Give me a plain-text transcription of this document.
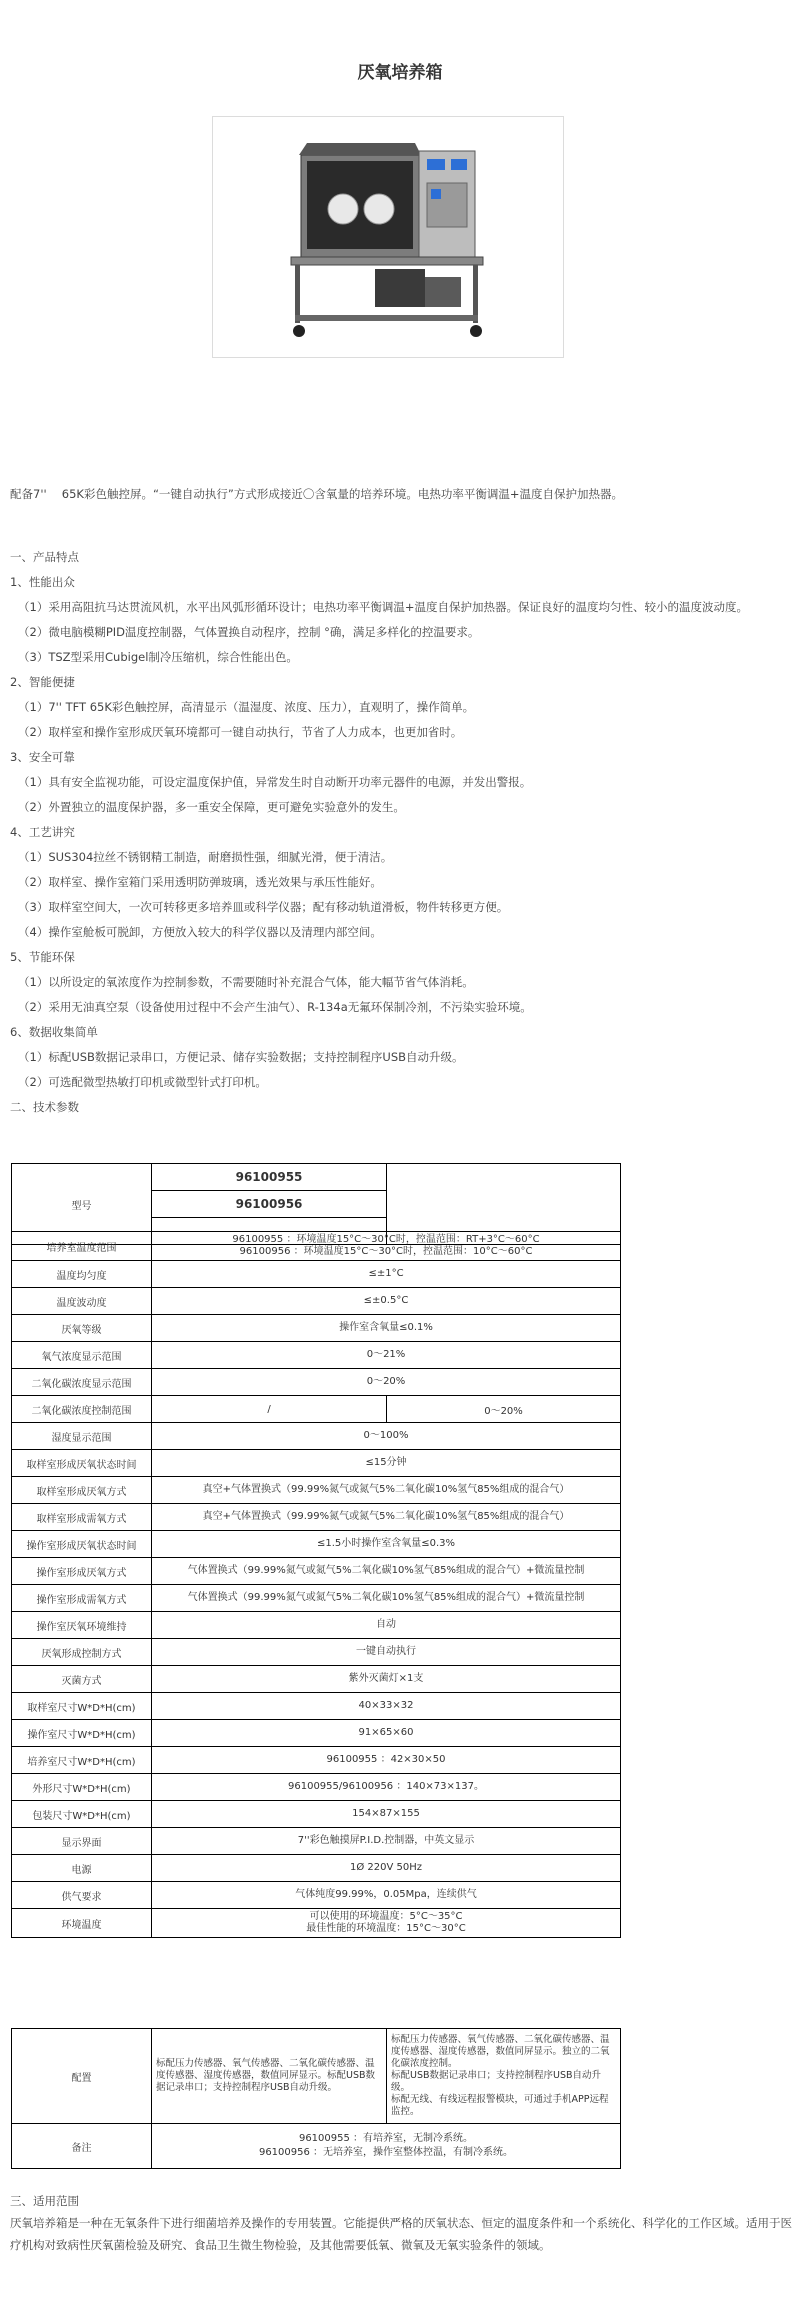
厌氧培养箱
配备7''　 65K彩色触控屏。“一键自动执行”方式形成接近〇含氧量的培养环境。电热功率平衡调温+温度自保护加热器。
一、产品特点
1、性能出众
（1）采用高阻抗马达贯流风机，水平出风弧形循环设计；电热功率平衡调温+温度自保护加热器。保证良好的温度均匀性、较小的温度波动度。
（2）微电脑模糊PID温度控制器，气体置换自动程序，控制 °确，满足多样化的控温要求。
（3）TSZ型采用Cubigel制冷压缩机，综合性能出色。
2、智能便捷
（1）7'' TFT 65K彩色触控屏，高清显示（温湿度、浓度、压力），直观明了，操作简单。
（2）取样室和操作室形成厌氧环境都可一键自动执行，节省了人力成本，也更加省时。
3、安全可靠
（1）具有安全监视功能，可设定温度保护值，异常发生时自动断开功率元器件的电源，并发出警报。
（2）外置独立的温度保护器，多一重安全保障，更可避免实验意外的发生。
4、工艺讲究
（1）SUS304拉丝不锈钢精工制造，耐磨损性强，细腻光滑，便于清洁。
（2）取样室、操作室箱门采用透明防弹玻璃，透光效果与承压性能好。
（3）取样室空间大，一次可转移更多培养皿或科学仪器；配有移动轨道滑板，物件转移更方便。
（4）操作室舱板可脱卸，方便放入较大的科学仪器以及清理内部空间。
5、节能环保
（1）以所设定的氧浓度作为控制参数，不需要随时补充混合气体，能大幅节省气体消耗。
（2）采用无油真空泵（设备使用过程中不会产生油气）、R-134a无氟环保制冷剂，不污染实验环境。
6、数据收集简单
（1）标配USB数据记录串口，方便记录、储存实验数据；支持控制程序USB自动升级。
（2）可选配微型热敏打印机或微型针式打印机。
二、技术参数
型号	96100955	
96100956

培养室温度范围	96100955 ：环境温度15°C～30°C时，控温范围：RT+3°C～60°C
96100956 ：环境温度15°C～30°C时，控温范围：10°C～60°C	
温度均匀度	≤±1°C	
温度波动度	≤±0.5°C	
厌氧等级	操作室含氧量≤0.1%	
氧气浓度显示范围	0～21%	
二氧化碳浓度显示范围	0～20%	
二氧化碳浓度控制范围	/	0～20%
湿度显示范围	0～100%	
取样室形成厌氧状态时间	≤15分钟	
取样室形成厌氧方式	真空+气体置换式（99.99%氮气或氮气5%二氧化碳10%氢气85%组成的混合气）	
取样室形成需氧方式	真空+气体置换式（99.99%氮气或氮气5%二氧化碳10%氢气85%组成的混合气）	
操作室形成厌氧状态时间	≤1.5小时操作室含氧量≤0.3%	
操作室形成厌氧方式	气体置换式（99.99%氮气或氮气5%二氧化碳10%氢气85%组成的混合气）+微流量控制	
操作室形成需氧方式	气体置换式（99.99%氮气或氮气5%二氧化碳10%氢气85%组成的混合气）+微流量控制	
操作室厌氧环境维持	自动	
厌氧形成控制方式	一键自动执行	
灭菌方式	紫外灭菌灯×1支	
取样室尺寸W*D*H(cm)	40×33×32	
操作室尺寸W*D*H(cm)	91×65×60	
培养室尺寸W*D*H(cm)	96100955 ：42×30×50	
外形尺寸W*D*H(cm)	96100955/96100956 ：140×73×137。	
包装尺寸W*D*H(cm)	154×87×155	
显示界面	7''彩色触摸屏P.I.D.控制器，中英文显示	
电源	1Ø 220V 50Hz	
供气要求	气体纯度99.99%，0.05Mpa，连续供气	
环境温度	可以使用的环境温度：5°C～35°C
最佳性能的环境温度：15°C～30°C	
配置	标配压力传感器、氧气传感器、二氧化碳传感器、温度传感器、湿度传感器，数值同屏显示。标配USB数据记录串口；支持控制程序USB自动升级。	标配压力传感器、氧气传感器、二氧化碳传感器、温度传感器、湿度传感器，数值同屏显示。独立的二氧化碳浓度控制。
标配USB数据记录串口；支持控制程序USB自动升级。
标配无线、有线远程报警模块，可通过手机APP远程监控。
备注	96100955 ：有培养室，无制冷系统。
96100956 ：无培养室，操作室整体控温，有制冷系统。	
三、适用范围
厌氧培养箱是一种在无氧条件下进行细菌培养及操作的专用装置。它能提供严格的厌氧状态、恒定的温度条件和一个系统化、科学化的工作区域。适用于医疗机构对致病性厌氧菌检验及研究、食品卫生微生物检验，及其他需要低氧、微氧及无氧实验条件的领域。
